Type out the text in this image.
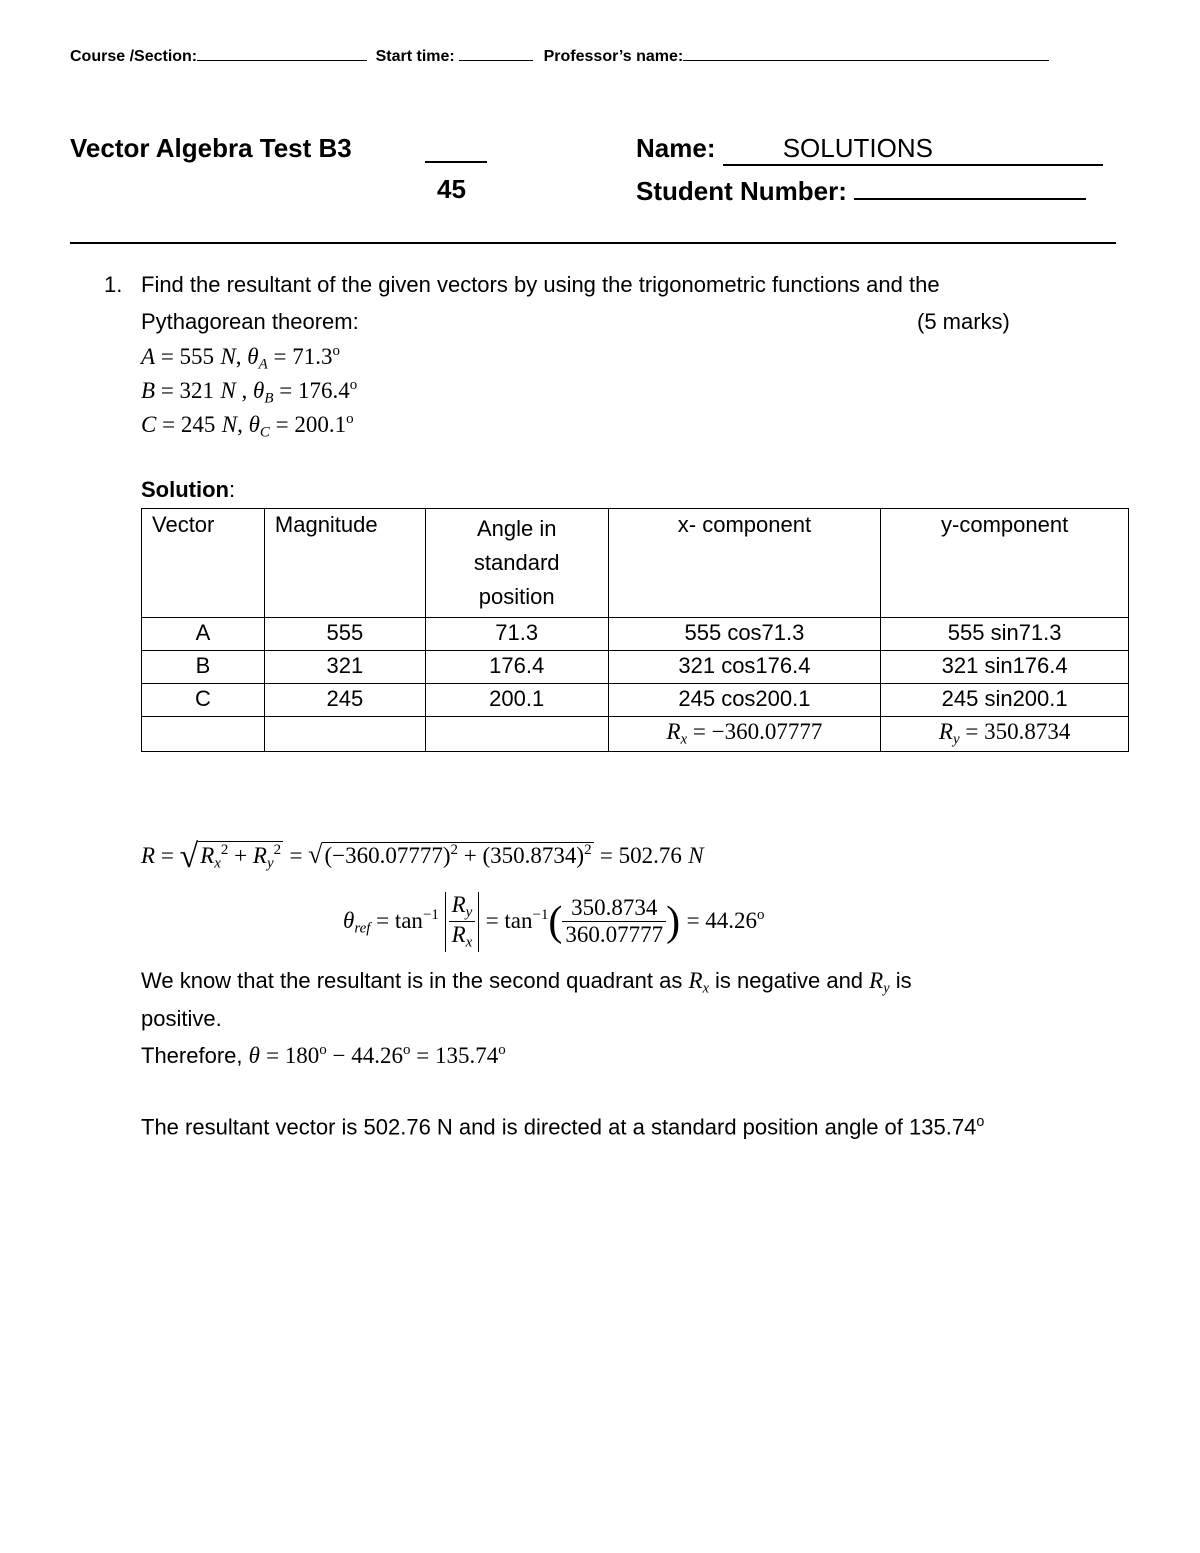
Course /Section:	Start time:	Professor’s name:
Vector Algebra Test B3
45
Name:	SOLUTIONS
Student Number:
1. Find the resultant of the given vectors by using the trigonometric functions and the
Pythagorean theorem:	(5 marks)
A = 555 N, $\theta_A = 71.3^o$
B = 321 N , $\theta_B = 176.4^o$
C = 245 N, $\theta_C = 200.1^o$
Solution:
Vector	Magnitude	Angle in standard position	x- component	y-component
A	555	71.3	555 cos71.3	555 sin71.3
B	321	176.4	321 cos176.4	321 sin176.4
C	245	200.1	245 cos200.1	245 sin200.1
			$R_x = -360.07777$	$R_y = 350.8734$
$R = √R_x^2 + R_y^2 = √(-360.07777)^2 + (350.8734)^2 = 502.76$ N
$\theta_{ref} = \tan^{-1} \frac{R_y}{R_x} = \tan^{-1}( \frac{350.8734}{360.07777}$ ) = $44.26^o$
We know that the resultant is in the second quadrant as $R_x$ is negative and $R_y$ is
positive.
Therefore, $\theta = 180^o - 44.26^o = 135.74^o$
The resultant vector is 502.76 N and is directed at a standard position angle of 135.74$^o$
